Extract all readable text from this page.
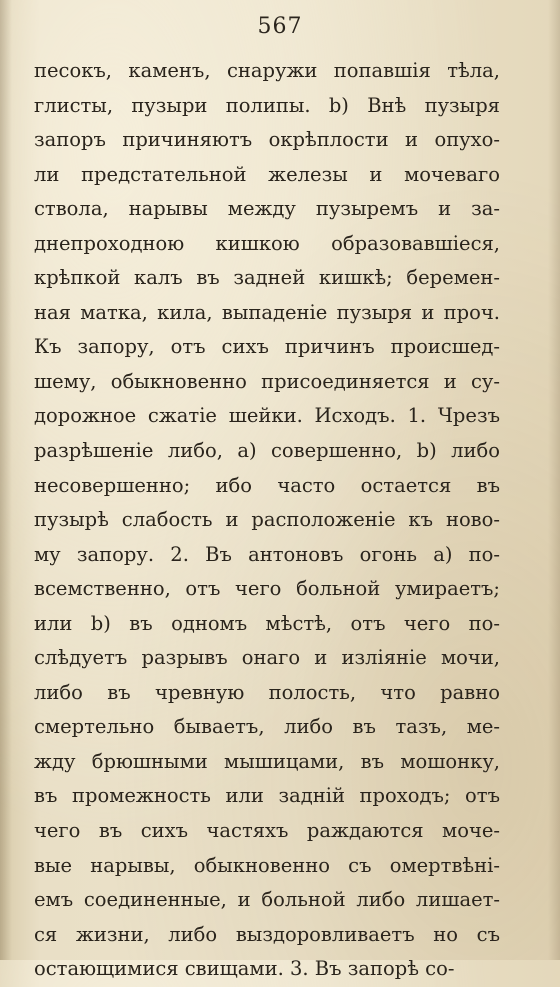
567
песокъ, каменъ, снаружи попавшія тѣла,
глисты, пузыри полипы. b) Внѣ пузыря
запоръ причиняютъ окрѣплости и опухо-
ли предстательной железы и мочеваго
ствола, нарывы между пузыремъ и за-
днепроходною кишкою образовавшіеся,
крѣпкой калъ въ задней кишкѣ; беремен-
ная матка, кила, выпаденіе пузыря и проч.
Къ запору, отъ сихъ причинъ происшед-
шему, обыкновенно присоединяется и су-
дорожное сжатіе шейки. Исходъ. 1. Чрезъ
разрѣшеніе либо, a) совершенно, b) либо
несовершенно; ибо часто остается въ
пузырѣ слабость и расположеніе къ ново-
му запору. 2. Въ антоновъ огонь a) по-
всемственно, отъ чего больной умираетъ;
или b) въ одномъ мѣстѣ, отъ чего по-
слѣдуетъ разрывъ онаго и изліяніе мочи,
либо въ чревную полость, что равно
смертельно бываетъ, либо въ тазъ, ме-
жду брюшными мышицами, въ мошонку,
въ промежность или задній проходъ; отъ
чего въ сихъ частяхъ раждаются моче-
вые нарывы, обыкновенно съ омертвѣні-
емъ соединенные, и больной либо лишает-
ся жизни, либо выздоровливаетъ но съ
остающимися свищами. 3. Въ запорѣ со-
